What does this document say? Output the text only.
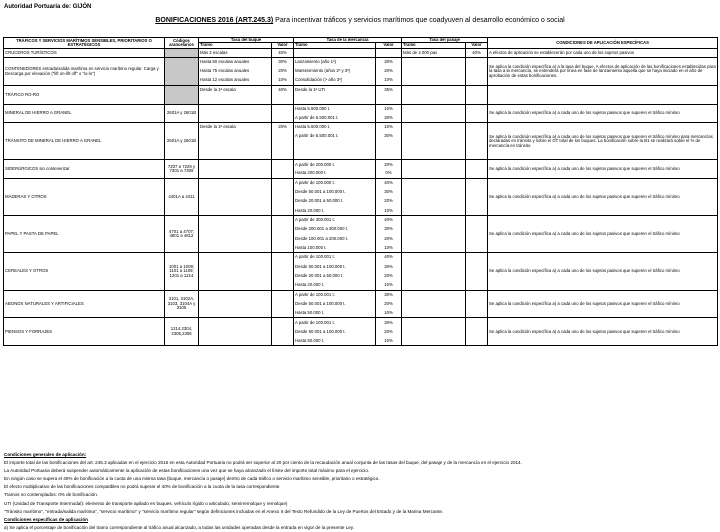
Autoridad Portuaria de: GIJÓN
BONIFICACIONES 2016 (ART.245.3) Para incentivar tráficos y servicios marítimos que coadyuven al desarrollo económico o social
TRÁFICOS Y SERVICIOS MARÍTIMOS SENSIBLES, PRIORITARIOS O ESTRATÉGICOS	Códigos arancelarios	Tasa del buque		Tasa de la mercancía		Tasa del pasaje		CONDICIONES DE APLICACIÓN ESPECÍFICAS
		Tramo	Valor	Tramo	Valor	Tramo	Valor	
CRUCEROS TURÍSTICOS		Más 2 escalas	40%			Más de 2.000 pax	40%	A efectos de aplicación se establecerán por cada uno de los sujetos pasivos
CONTENEDORES entrada/salida marítima en servicio marítimo regular. Carga y Descarga por elevación ("lift on-lift off" o "lo-lo")		Hasta 50 escalas anuales	30%	Lanzamiento (año 1º)	30%			Se aplica la condición específica a) a la tasa del buque. A efectos de aplicación de las bonificaciones establecidas para la tasa a la mercancía, se entenderá por línea en fase de lanzamiento aquella que se haya iniciado en el año de aprobación de estas bonificaciones.
		Hasta 75 escalas anuales	20%	Mantenimiento (años 2º y 3º)	20%			
		Hasta 12 escalas anuales	10%	Consolidación (> año 3º)	10%			
TRÁFICO RO-RO		Desde la 1ª escala	40%	Desde la 1ª UTI	35%			

MINERAL DE HIERRO A GRANEL	2601A y 2601B			Hasta 5.500.000 t.	10%			Se aplica la condición específica a) a cada uno de los sujetos pasivos que superen el tráfico mínimo
				A partir de 5.500.001 t.	30%			
TRÁNSITO DE MINERAL DE HIERRO A GRANEL	2601A y 2601B	Desde la 1ª escala	20%	Hasta 5.500.000 t.	10%			Se aplica la condición específica a) a cada uno de los sujetos pasivos que superen el tráfico mínimo para mercancías declaradas en tránsito y sobre el GT total de los buques. La bonificación sobre la B1 se realizará sobre el % de mercancía en tránsito
				A partir de 5.500.001 t.	30%			

SIDERÚRGICOS sin contenerizar	7207 a 7229 y 7301 a 7309			A partir de 200.000 t.	20%			Se aplica la condición específica a) a cada uno de los sujetos pasivos que superen el tráfico mínimo
				Hasta 200.000 t.	0%			
MADERAS Y OTROS	4401A a 4411			A partir de 100.000 t.	40%			Se aplica la condición específica a) a cada uno de los sujetos pasivos que superen el tráfico mínimo
				Desde 50.001 a 100.000 t.	30%			
				Desde 20.001 a 50.000 t.	20%			
				Hasta 20.000 t.	10%			
PAPEL Y PASTA DE PAPEL	4701 a 4707; 4801 a 4812			A partir de 300.001 t.	40%			Se aplica la condición específica a) a cada uno de los sujetos pasivos que superen el tráfico mínimo
				Desde 200.001 a 300.000 t.	30%			
				Desde 100.001 a 200.000 t.	20%			
				Hasta 100.000 t.	10%			
CEREALES Y OTROS	1001 a 1008; 1101 a 1109; 1201 a 1214			A partir de 100.001 t.	40%			Se aplica la condición específica a) a cada uno de los sujetos pasivos que superen el tráfico mínimo
				Desde 50.001 a 100.000 t.	30%			
				Desde 20.001 a 50.000 t.	20%			
				Hasta 20.000 t.	10%			
ABONOS NATURALES Y ARTIFICIALES	3101, 3102A, 3103, 3104A y 3105			A partir de 100.001 t.	30%			Se aplica la condición específica a) a cada uno de los sujetos pasivos que superen el tráfico mínimo
				Desde 50.001 a 100.000 t.	20%			
				Hasta 50.000 t.	10%			
PIENSOS Y FORRAJES	1214,2304, 2305,2306			A partir de 100.001 t.	30%			Se aplica la condición específica a) a cada uno de los sujetos pasivos que superen el tráfico mínimo
				Desde 50.001 a 100.000 t.	20%			
				Hasta 50.000 t.	10%			
Condiciones generales de aplicación:
El importe total de las bonificaciones del art. 245.3 aplicadas en el ejercicio 2016 en esta Autoridad Portuaria no podrá ser superior al 20 por ciento de la recaudación anual conjunta de las tasas del buque, del pasaje y de la mercancía en el ejercicio 2014.
La Autoridad Portuaria deberá suspender automáticamente la aplicación de estas bonificaciones una vez que se haya alcanzado el límite del importe total máximo para el ejercicio.
En ningún caso se supera el 40% de bonificación a la cuota de una misma tasa (buque, mercancía o pasaje) dentro de cada tráfico o servicio marítimo sensible, prioritario o estratégico.
El efecto multiplicativo de las bonificaciones compatibles no podrá superar el 40% de bonificación a la cuota de la tasa correspondiente.
Tramos no contemplados: 0% de bonificación.
UTI (Unidad de Transporte Intermodal): elemento de transporte apilado en buques, vehículo rígido o articulado, semirremolque y remolque)
"Tránsito marítimo", "entrada/salida marítima", "servicio marítimo" y "servicio marítimo regular" según definiciones incluidas en el Anexo II del Texto Refundido de la Ley de Puertos del Estado y de la Marina Mercante.
Condiciones específicas de aplicación
a) Se aplica el porcentaje de bonificación del tramo correspondiente al tráfico anual alcanzado, a todas las unidades operadas desde la entrada en vigor de la presente Ley.
